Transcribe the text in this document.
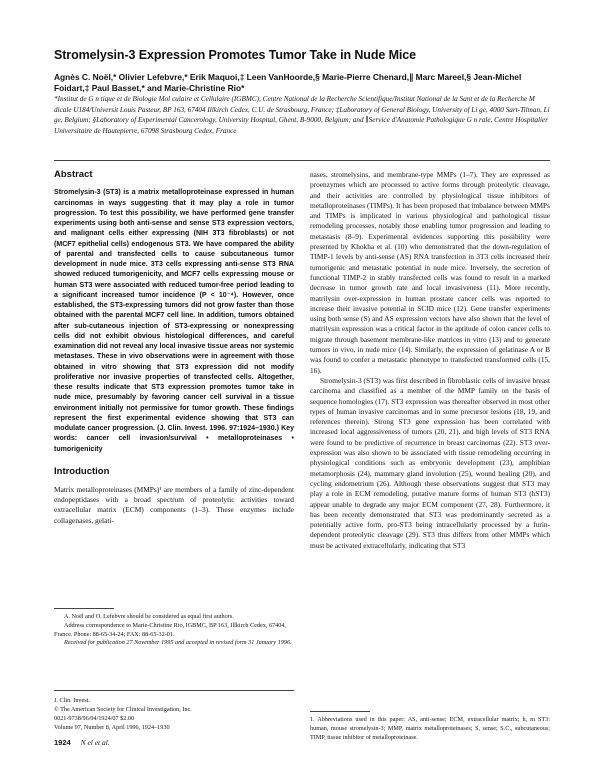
Stromelysin-3 Expression Promotes Tumor Take in Nude Mice
Agnès C. Noël,* Olivier Lefebvre,* Erik Maquoi,‡ Leen VanHoorde,§ Marie-Pierre Chenard,∥ Marc Mareel,§ Jean-Michel Foidart,‡ Paul Basset,* and Marie-Christine Rio*
*Institut de G n tique et de Biologie Mol culaire et Cellulaire (IGBMC), Centre National de la Recherche Scientifique/Institut National de la Sant et de la Recherche M dicale U184/Universit Louis Pasteur, BP 163, 67404 Illkirch Cedex, C.U. de Strasbourg, France; ‡Laboratory of General Biology, University of Li ge, 4000 Sart-Tilman, Li ge, Belgium; §Laboratory of Experimental Cancerology, University Hospital, Ghent, B-9000, Belgium; and ∥Service d'Anatomie Pathologique G n rale, Centre Hospitalier Universitaire de Hautepierre, 67098 Strasbourg Cedex, France
Abstract

Stromelysin-3 (ST3) is a matrix metalloproteinase expressed in human carcinomas in ways suggesting that it may play a role in tumor progression. To test this possibility, we have performed gene transfer experiments using both anti-sense and sense ST3 expression vectors, and malignant cells either expressing (NIH 3T3 fibroblasts) or not (MCF7 epithelial cells) endogenous ST3. We have compared the ability of parental and transfected cells to cause subcutaneous tumor development in nude mice. 3T3 cells expressing anti-sense ST3 RNA showed reduced tumorigenicity, and MCF7 cells expressing mouse or human ST3 were associated with reduced tumor-free period leading to a significant increased tumor incidence (P < 10⁻⁴). However, once established, the ST3-expressing tumors did not grow faster than those obtained with the parental MCF7 cell line. In addition, tumors obtained after sub-cutaneous injection of ST3-expressing or nonexpressing cells did not exhibit obvious histological differences, and careful examination did not reveal any local invasive tissue areas nor systemic metastases. These in vivo observations were in agreement with those obtained in vitro showing that ST3 expression did not modify proliferative nor invasive properties of transfected cells. Altogether, these results indicate that ST3 expression promotes tumor take in nude mice, presumably by favoring cancer cell survival in a tissue environment initially not permissive for tumor growth. These findings represent the first experimental evidence showing that ST3 can modulate cancer progression. (J. Clin. Invest. 1996. 97:1924–1930.) Key words: cancer cell invasion/survival • metalloproteinases • tumorigenicity

Introduction

Matrix metalloproteinases (MMPs)¹ are members of a family of zinc-dependent endopeptidases with a broad spectrum of proteolytic activities toward extracellular matrix (ECM) components (1–3). These enzymes include collagenases, gelati-

A. Noël and O. Lefebvre should be considered as equal first authors.

Address correspondence to Marie-Christine Rio, IGBMC, BP 163, Illkirch Cedex, 67404, France. Phone: 88-65-34-24; FAX: 88-65-32-01.

Received for publication 27 November 1995 and accepted in revised form 31 January 1996.

J. Clin. Invest.
© The American Society for Clinical Investigation, Inc.
0021-9738/96/04/1924/07 $2.00
Volume 97, Number 8, April 1996, 1924–1930

nases, stromelysins, and membrane-type MMPs (1–7). They are expressed as proenzymes which are processed to active forms through proteolytic cleavage, and their activities are controlled by physiological tissue inhibitors of metalloproteinases (TIMPs). It has been proposed that imbalance between MMPs and TIMPs is implicated in various physiological and pathological tissue remodeling processes, notably those enabling tumor progression and leading to metastasis (8–9). Experimental evidences supporting this possibility were presented by Khokha et al. (10) who demonstrated that the down-regulation of TIMP-1 levels by anti-sense (AS) RNA transfection in 3T3 cells increased their tumorigenic and metastatic potential in nude mice. Inversely, the secretion of functional TIMP-2 in stably transfected cells was found to result in a marked decrease in tumor growth rate and local invasiveness (11). More recently, matrilysin over-expression in human prostate cancer cells was reported to increase their invasive potential in SCID mice (12). Gene transfer experiments using both sense (S) and AS expression vectors have also shown that the level of matrilysin expression was a critical factor in the aptitude of colon cancer cells to migrate through basement membrane-like matrices in vitro (13) and to generate tumors in vivo, in nude mice (14). Similarly, the expression of gelatinase A or B was found to confer a metastatic phenotype to transfected transformed cells (15, 16).

Stromelysin-3 (ST3) was first described in fibroblastic cells of invasive breast carcinoma and classified as a member of the MMP family on the basis of sequence homologies (17). ST3 expression was thereafter observed in most other types of human invasive carcinomas and in some precursor lesions (18, 19, and references therein). Strong ST3 gene expression has been correlated with increased local aggressiveness of tumors (20, 21), and high levels of ST3 RNA were found to be predictive of recurrence in breast carcinomas (22). ST3 over-expression was also shown to be associated with tissue remodeling occurring in physiological conditions such as embryonic development (23), amphibian metamorphosis (24), mammary gland involution (25), wound healing (20), and cycling endometrium (26). Although these observations suggest that ST3 may play a role in ECM remodeling, putative mature forms of human ST3 (hST3) appear unable to degrade any major ECM component (27, 28). Furthermore, it has been recently demonstrated that ST3 was predominantly secreted as a potentially active form, pro-ST3 being intracellularly processed by a furin-dependent proteolytic cleavage (29). ST3 thus differs from other MMPs which must be activated extracellularly, indicating that ST3

1. Abbreviations used in this paper: AS, anti-sense; ECM, extracellular matrix; h, m ST3: human, mouse stromelysin-3; MMP, matrix metalloproteinases; S, sense; S.C., subcutaneous; TIMP, tissue inhibitor of metalloproteinase.
1924 N el et al.
